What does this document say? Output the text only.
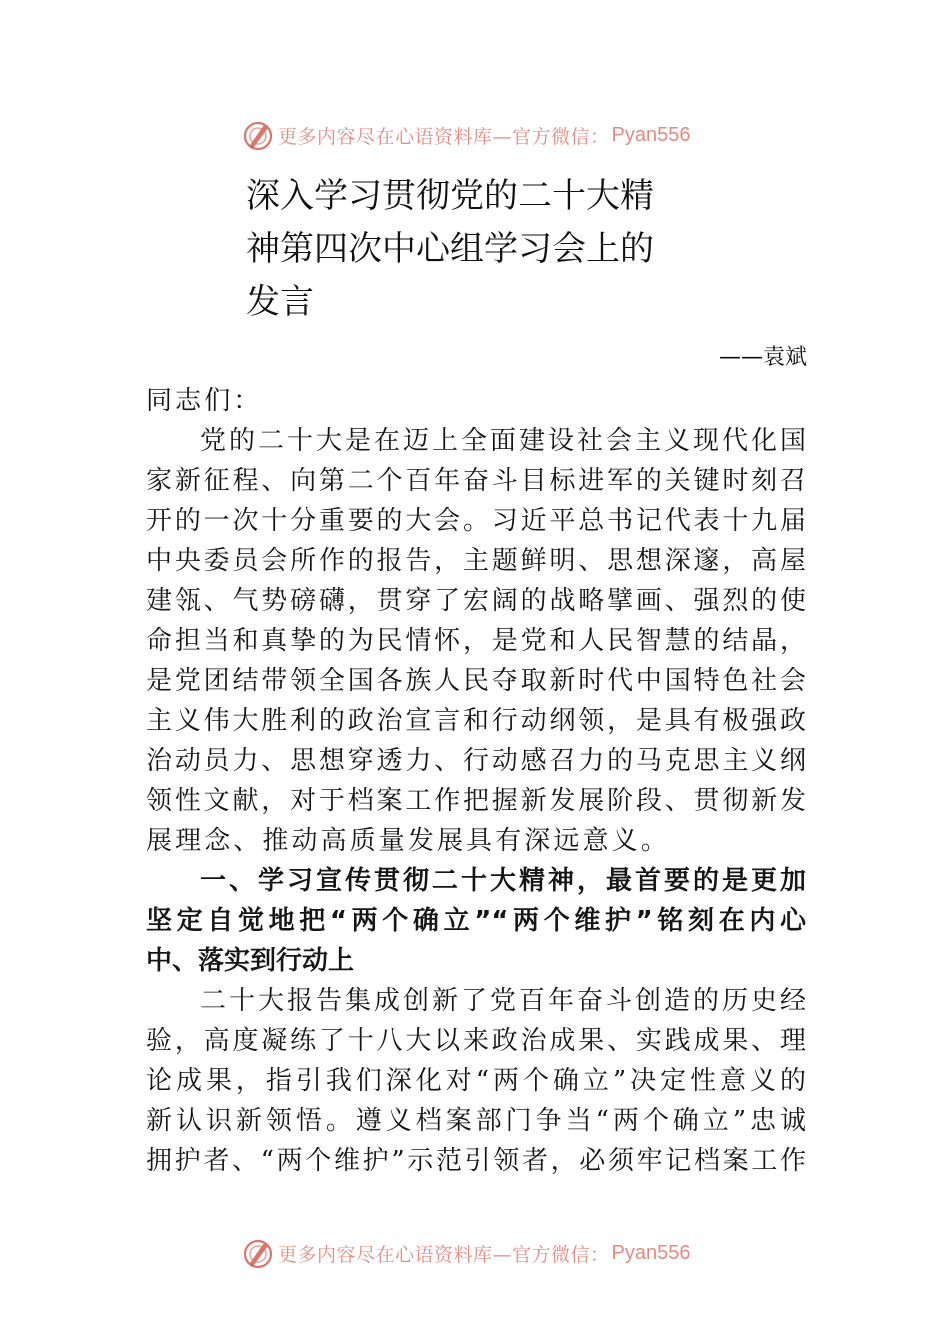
更多内容尽在心语资料库—官方微信： Pyan556
深入学习贯彻党的二十大精
神第四次中心组学习会上的
发言
——袁斌
同志们：
党的二十大是在迈上全面建设社会主义现代化国
家新征程、向第二个百年奋斗目标进军的关键时刻召
开的一次十分重要的大会。习近平总书记代表十九届
中央委员会所作的报告，主题鲜明、思想深邃，高屋
建瓴、气势磅礴，贯穿了宏阔的战略擘画、强烈的使
命担当和真挚的为民情怀，是党和人民智慧的结晶，
是党团结带领全国各族人民夺取新时代中国特色社会
主义伟大胜利的政治宣言和行动纲领，是具有极强政
治动员力、思想穿透力、行动感召力的马克思主义纲
领性文献，对于档案工作把握新发展阶段、贯彻新发
展理念、推动高质量发展具有深远意义。
一、学习宣传贯彻二十大精神，最首要的是更加
坚定自觉地把“两个确立”“两个维护”铭刻在内心
中、落实到行动上
二十大报告集成创新了党百年奋斗创造的历史经
验，高度凝练了十八大以来政治成果、实践成果、理
论成果，指引我们深化对“两个确立”决定性意义的
新认识新领悟。遵义档案部门争当“两个确立”忠诚
拥护者、“两个维护”示范引领者，必须牢记档案工作
更多内容尽在心语资料库—官方微信： Pyan556
